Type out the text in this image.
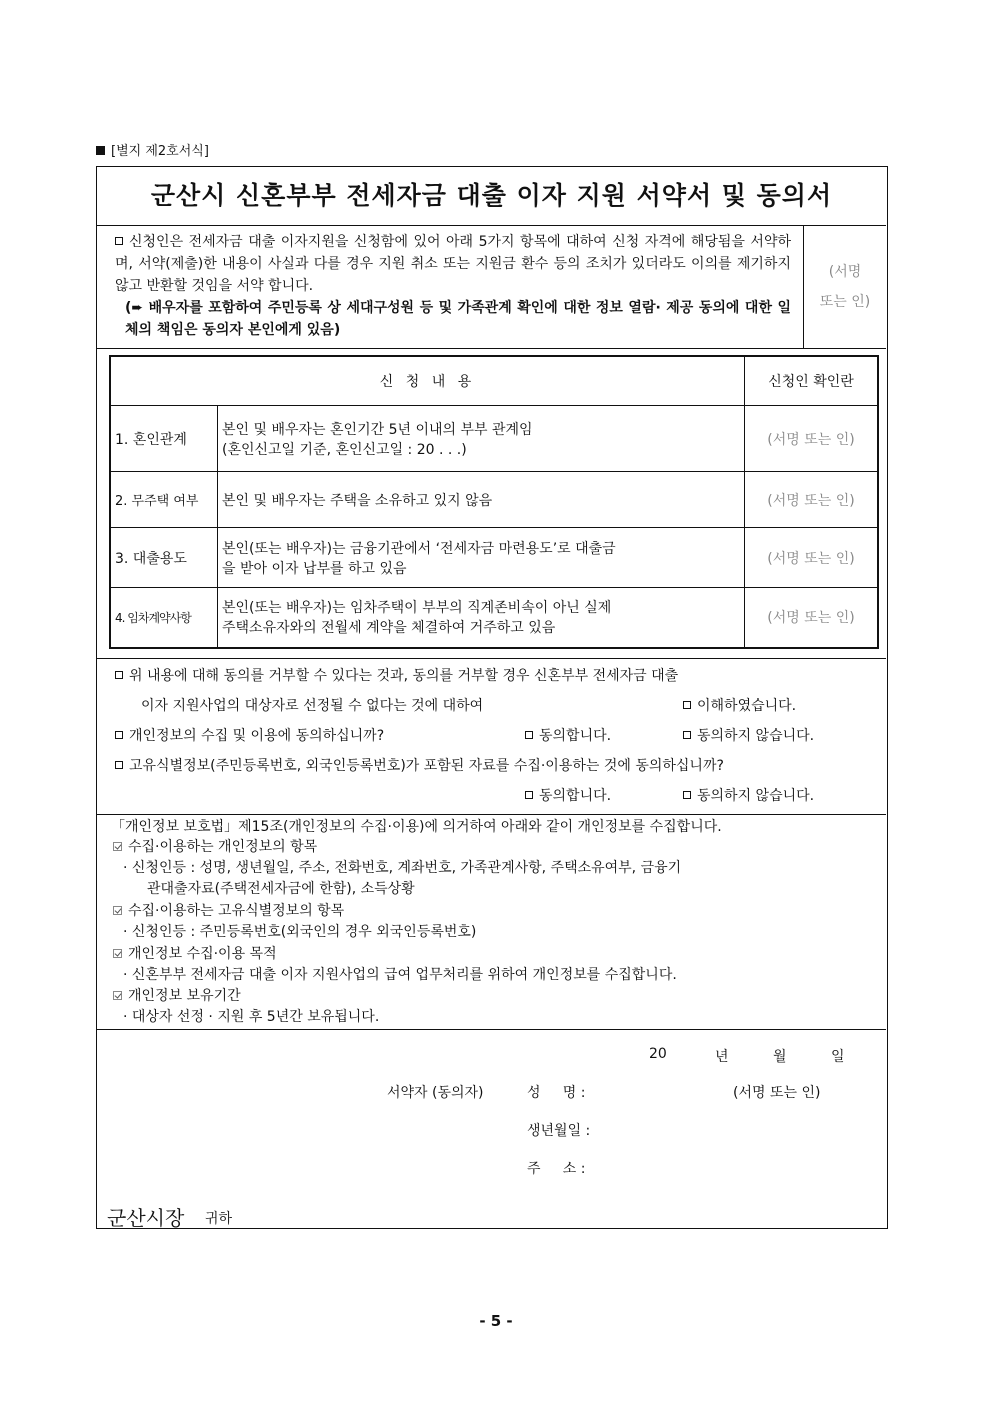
[별지 제2호서식]
군산시 신혼부부 전세자금 대출 이자 지원 서약서 및 동의서
신청인은 전세자금 대출 이자지원을 신청함에 있어 아래 5가지 항목에 대하여 신청 자격에 해당됨을 서약하며, 서약(제출)한 내용이 사실과 다를 경우 지원 취소 또는 지원금 환수 등의 조치가 있더라도 이의를 제기하지 않고 반환할 것임을 서약 합니다.
(➨ 배우자를 포함하여 주민등록 상 세대구성원 등 및 가족관계 확인에 대한 정보 열람· 제공 동의에 대한 일체의 책임은 동의자 본인에게 있음)
(서명
또는 인)
신 청 내 용		신청인 확인란
1. 혼인관계	본인 및 배우자는 혼인기간 5년 이내의 부부 관계임
(혼인신고일 기준, 혼인신고일 : 20 . . .)	(서명 또는 인)
2. 무주택 여부	본인 및 배우자는 주택을 소유하고 있지 않음	(서명 또는 인)
3. 대출용도	본인(또는 배우자)는 금융기관에서 ‘전세자금 마련용도’로 대출금
을 받아 이자 납부를 하고 있음	(서명 또는 인)
4. 임차계약사항	본인(또는 배우자)는 임차주택이 부부의 직계존비속이 아닌 실제
주택소유자와의 전월세 계약을 체결하여 거주하고 있음	(서명 또는 인)
위 내용에 대해 동의를 거부할 수 있다는 것과, 동의를 거부할 경우 신혼부부 전세자금 대출
이자 지원사업의 대상자로 선정될 수 없다는 것에 대하여	이해하였습니다.
개인정보의 수집 및 이용에 동의하십니까?	동의합니다.	동의하지 않습니다.
고유식별정보(주민등록번호, 외국인등록번호)가 포함된 자료를 수집·이용하는 것에 동의하십니까?
동의합니다.	동의하지 않습니다.
「개인정보 보호법」제15조(개인정보의 수집·이용)에 의거하여 아래와 같이 개인정보를 수집합니다.
수집·이용하는 개인정보의 항목
· 신청인등 : 성명, 생년월일, 주소, 전화번호, 계좌번호, 가족관계사항, 주택소유여부, 금융기
관대출자료(주택전세자금에 한함), 소득상황
수집·이용하는 고유식별정보의 항목
· 신청인등 : 주민등록번호(외국인의 경우 외국인등록번호)
개인정보 수집·이용 목적
· 신혼부부 전세자금 대출 이자 지원사업의 급여 업무처리를 위하여 개인정보를 수집합니다.
개인정보 보유기간
· 대상자 선정 · 지원 후 5년간 보유됩니다.
20	년	월	일
서약자 (동의자)	성     명 :	(서명 또는 인)
생년월일 :
주     소 :
군산시장 귀하
- 5 -
